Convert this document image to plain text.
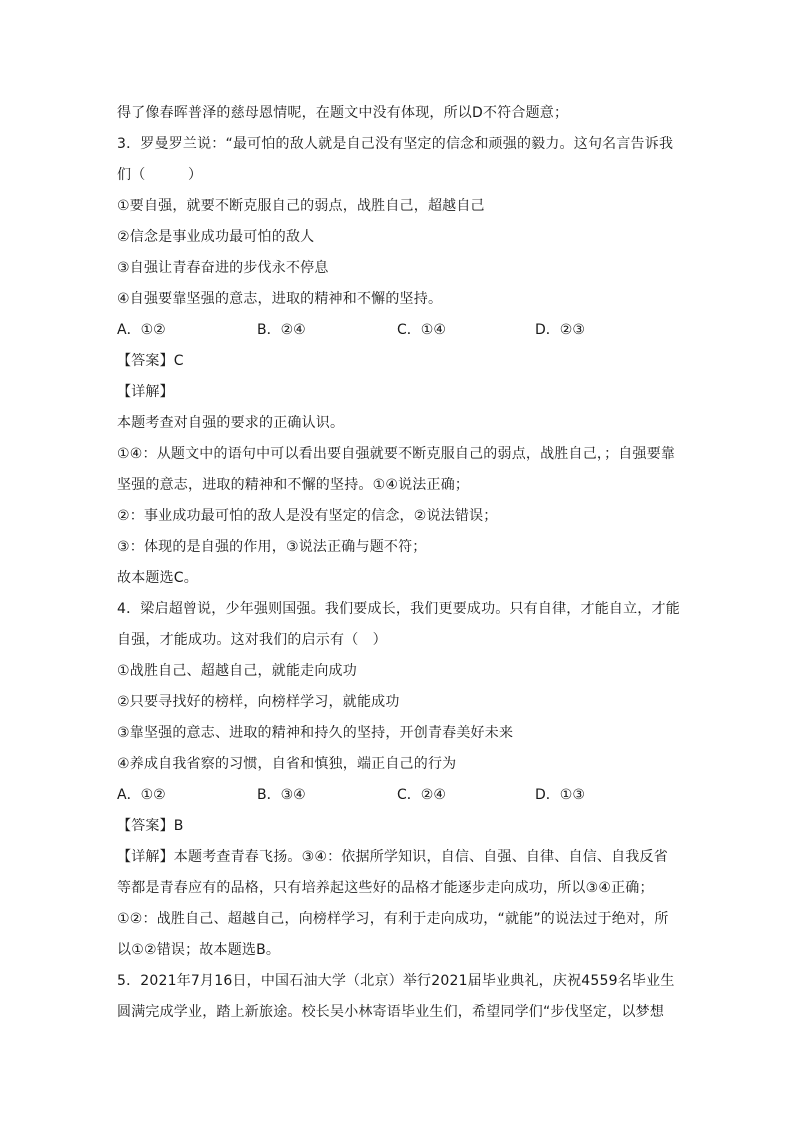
得了像春晖普泽的慈母恩情呢，在题文中没有体现，所以D不符合题意；
3．罗曼罗兰说：“最可怕的敌人就是自己没有坚定的信念和顽强的毅力。这句名言告诉我
们（　　　）
①要自强，就要不断克服自己的弱点，战胜自己，超越自己
②信念是事业成功最可怕的敌人
③自强让青春奋进的步伐永不停息
④自强要靠坚强的意志，进取的精神和不懈的坚持。
A．①②	B．②④	C．①④	D．②③
【答案】C
【详解】
本题考查对自强的要求的正确认识。
①④：从题文中的语句中可以看出要自强就要不断克服自己的弱点，战胜自己，；自强要靠
坚强的意志，进取的精神和不懈的坚持。①④说法正确；
②：事业成功最可怕的敌人是没有坚定的信念，②说法错误；
③：体现的是自强的作用，③说法正确与题不符；
故本题选C。
4．梁启超曾说，少年强则国强。我们要成长，我们更要成功。只有自律，才能自立，才能
自强，才能成功。这对我们的启示有（　）
①战胜自己、超越自己，就能走向成功
②只要寻找好的榜样，向榜样学习，就能成功
③靠坚强的意志、进取的精神和持久的坚持，开创青春美好未来
④养成自我省察的习惯，自省和慎独，端正自己的行为
A．①②	B．③④	C．②④	D．①③
【答案】B
【详解】本题考查青春飞扬。③④：依据所学知识，自信、自强、自律、自信、自我反省
等都是青春应有的品格，只有培养起这些好的品格才能逐步走向成功，所以③④正确；
①②：战胜自己、超越自己，向榜样学习，有利于走向成功，“就能”的说法过于绝对，所
以①②错误；故本题选B。
5．2021年7月16日，中国石油大学（北京）举行2021届毕业典礼，庆祝4559名毕业生
圆满完成学业，踏上新旅途。校长吴小林寄语毕业生们，希望同学们“步伐坚定，以梦想
